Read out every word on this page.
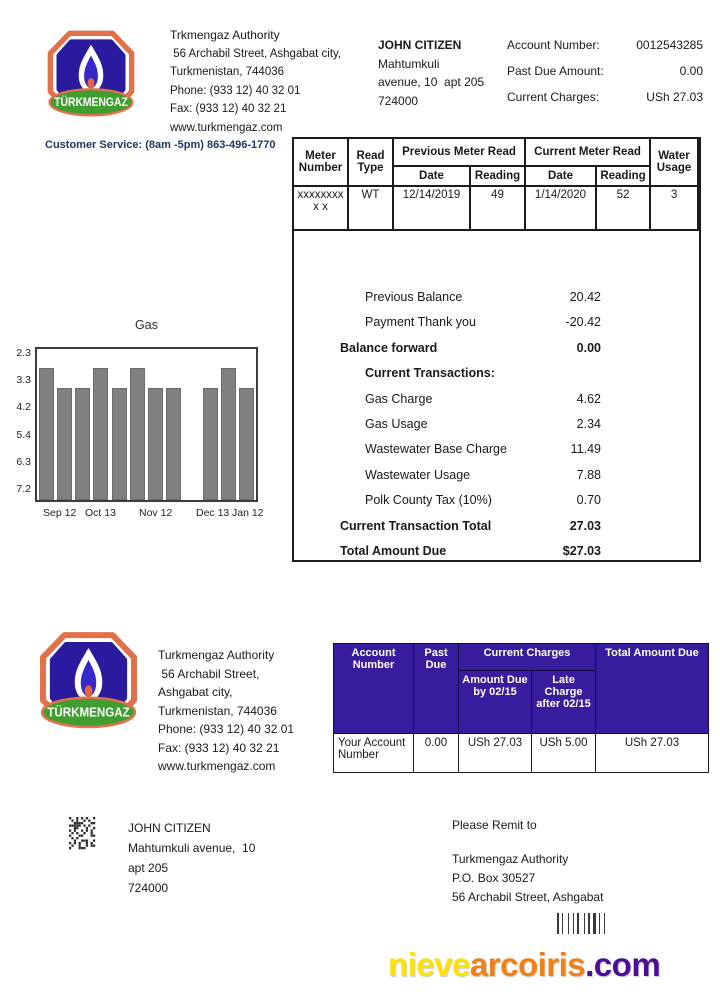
TÜRKMENGAZ
Trkmengaz Authority
56 Archabil Street, Ashgabat city,
Turkmenistan, 744036
Phone: (933 12) 40 32 01
Fax: (933 12) 40 32 21
www.turkmengaz.com
JOHN CITIZEN
Mahtumkuli
avenue, 10  apt 205
724000
Account Number:	0012543285
Past Due Amount:	0.00
Current Charges:	USh 27.03
Customer Service: (8am -5pm) 863-496-1770
Meter Number	Read Type	Previous Meter Read		Current Meter Read		Water Usage
		Date	Reading	Date	Reading	
xxxxxxxxx x	WT	12/14/2019	49	1/14/2020	52	3
Previous Balance	20.42
Payment Thank you	-20.42
Balance forward	0.00
Current Transactions:
Gas Charge	4.62
Gas Usage	2.34
Wastewater Base Charge	11.49
Wastewater Usage	7.88
Polk County Tax (10%)	0.70
Current Transaction Total	27.03
Total Amount Due	$27.03
Gas
2.3
3.3
4.2
5.4
6.3
7.2
Sep 12 Oct 13 Nov 12 Dec 13 Jan 12
TÜRKMENGAZ
Turkmengaz Authority
56 Archabil Street,
Ashgabat city,
Turkmenistan, 744036
Phone: (933 12) 40 32 01
Fax: (933 12) 40 32 21
www.turkmengaz.com
Account Number	Past Due	Current Charges		Total Amount Due
		Amount Due by 02/15	Late Charge after 02/15	
Your Account Number	0.00	USh 27.03	USh 5.00	USh 27.03
JOHN CITIZEN
Mahtumkuli avenue,  10
apt 205
724000
Please Remit to
Turkmengaz Authority
P.O. Box 30527
56 Archabil Street, Ashgabat
nievearcoiris.com
